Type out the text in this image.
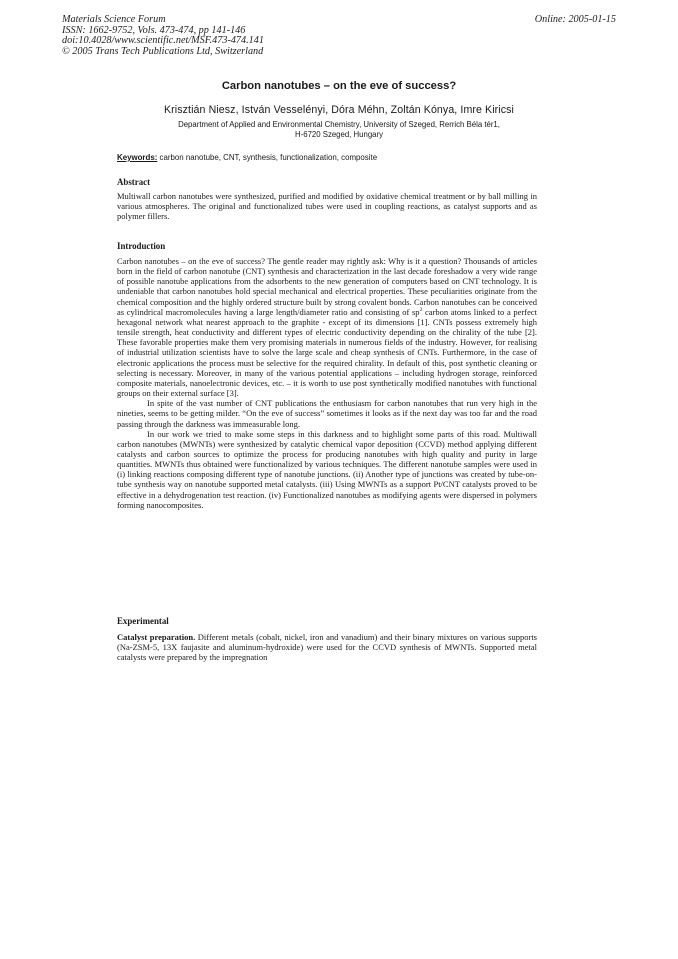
Materials Science Forum
ISSN: 1662-9752, Vols. 473-474, pp 141-146
doi:10.4028/www.scientific.net/MSF.473-474.141
© 2005 Trans Tech Publications Ltd, Switzerland
Online: 2005-01-15
Carbon nanotubes – on the eve of success?
Krisztián Niesz, István Vesselényi, Dóra Méhn, Zoltán Kónya, Imre Kiricsi
Department of Applied and Environmental Chemistry, University of Szeged, Rerrich Béla tér1,
H-6720 Szeged, Hungary
Keywords: carbon nanotube, CNT, synthesis, functionalization, composite
Abstract

Multiwall carbon nanotubes were synthesized, purified and modified by oxidative chemical treatment or by ball milling in various atmospheres. The original and functionalized tubes were used in coupling reactions, as catalyst supports and as polymer fillers.

Introduction

Carbon nanotubes – on the eve of success? The gentle reader may rightly ask: Why is it a question? Thousands of articles born in the field of carbon nanotube (CNT) synthesis and characterization in the last decade foreshadow a very wide range of possible nanotube applications from the adsorbents to the new generation of computers based on CNT technology. It is undeniable that carbon nanotubes hold special mechanical and electrical properties. These peculiarities originate from the chemical composition and the highly ordered structure built by strong covalent bonds. Carbon nanotubes can be conceived as cylindrical macromolecules having a large length/diameter ratio and consisting of $sp^2$ carbon atoms linked to a perfect hexagonal network what nearest approach to the graphite - except of its dimensions [1]. CNTs possess extremely high tensile strength, heat conductivity and different types of electric conductivity depending on the chirality of the tube [2]. These favorable properties make them very promising materials in numerous fields of the industry. However, for realising of industrial utilization scientists have to solve the large scale and cheap synthesis of CNTs. Furthermore, in the case of electronic applications the process must be selective for the required chirality. In default of this, post synthetic cleaning or selecting is necessary. Moreover, in many of the various potential applications – including hydrogen storage, reinforced composite materials, nanoelectronic devices, etc. – it is worth to use post synthetically modified nanotubes with functional groups on their external surface [3].

In spite of the vast number of CNT publications the enthusiasm for carbon nanotubes that run very high in the nineties, seems to be getting milder. “On the eve of success” sometimes it looks as if the next day was too far and the road passing through the darkness was immeasurable long.

In our work we tried to make some steps in this darkness and to highlight some parts of this road. Multiwall carbon nanotubes (MWNTs) were synthesized by catalytic chemical vapor deposition (CCVD) method applying different catalysts and carbon sources to optimize the process for producing nanotubes with high quality and purity in large quantities. MWNTs thus obtained were functionalized by various techniques. The different nanotube samples were used in (i) linking reactions composing different type of nanotube junctions. (ii) Another type of junctions was created by tube-on-tube synthesis way on nanotube supported metal catalysts. (iii) Using MWNTs as a support Pt/CNT catalysts proved to be effective in a dehydrogenation test reaction. (iv) Functionalized nanotubes as modifying agents were dispersed in polymers forming nanocomposites.

Experimental

Catalyst preparation. Different metals (cobalt, nickel, iron and vanadium) and their binary mixtures on various supports (Na-ZSM-5, 13X faujasite and aluminum-hydroxide) were used for the CCVD synthesis of MWNTs. Supported metal catalysts were prepared by the impregnation
